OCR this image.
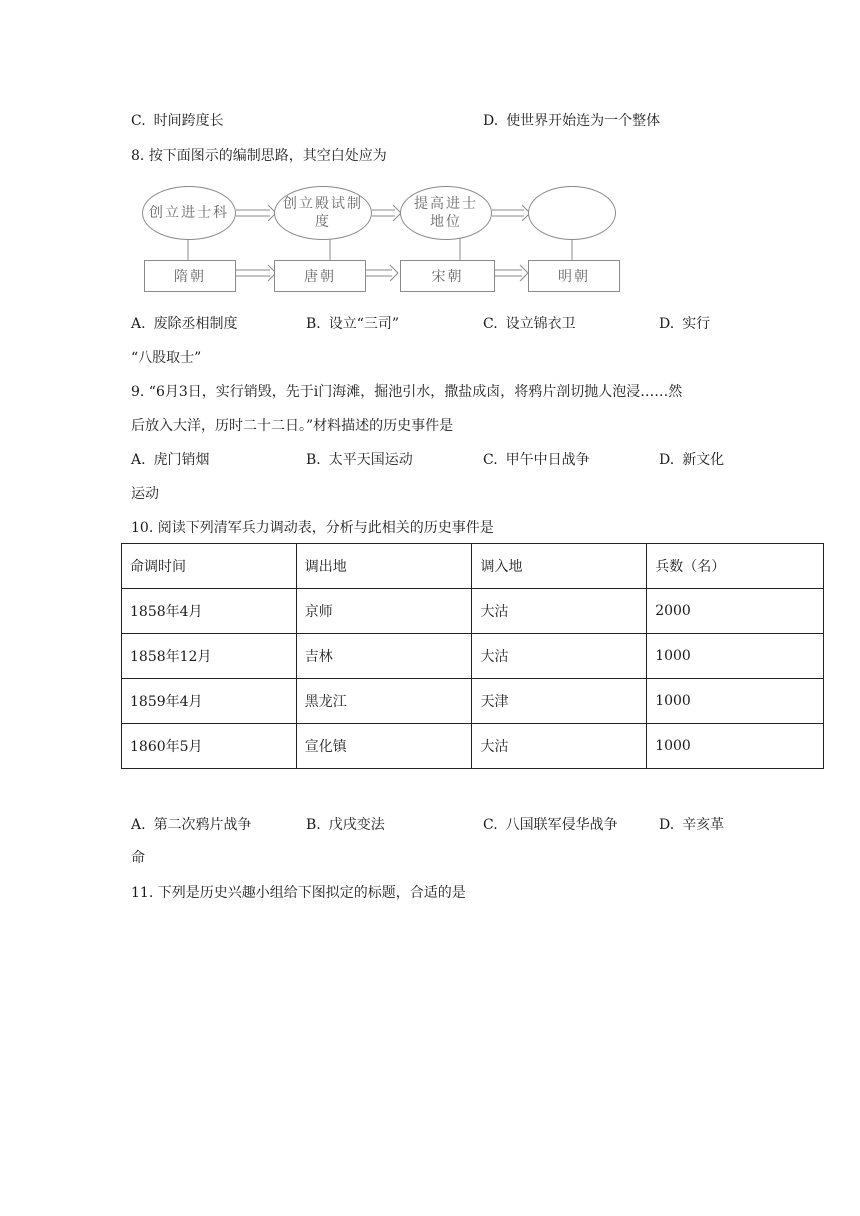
C. 时间跨度长	D. 使世界开始连为一个整体
8. 按下面图示的编制思路，其空白处应为
创立进士科
创立殿试制度
提高进士地位
隋朝	唐朝	宋朝	明朝
A. 废除丞相制度	B. 设立“三司”	C. 设立锦衣卫	D. 实行
“八股取士”
9. “6月3日，实行销毁，先于i门海滩，掘池引水，撒盐成卤，将鸦片剖切抛人泡浸……然
后放入大洋，历时二十二日。”材料描述的历史事件是
A. 虎门销烟	B. 太平天国运动	C. 甲午中日战争	D. 新文化
运动
10. 阅读下列清军兵力调动表，分析与此相关的历史事件是
命调时间	调出地	调入地	兵数（名）
1858年4月	京师	大沽	2000
1858年12月	吉林	大沽	1000
1859年4月	黑龙江	天津	1000
1860年5月	宣化镇	大沽	1000
A. 第二次鸦片战争	B. 戊戌变法	C. 八国联军侵华战争	D. 辛亥革
命
11. 下列是历史兴趣小组给下图拟定的标题，合适的是
